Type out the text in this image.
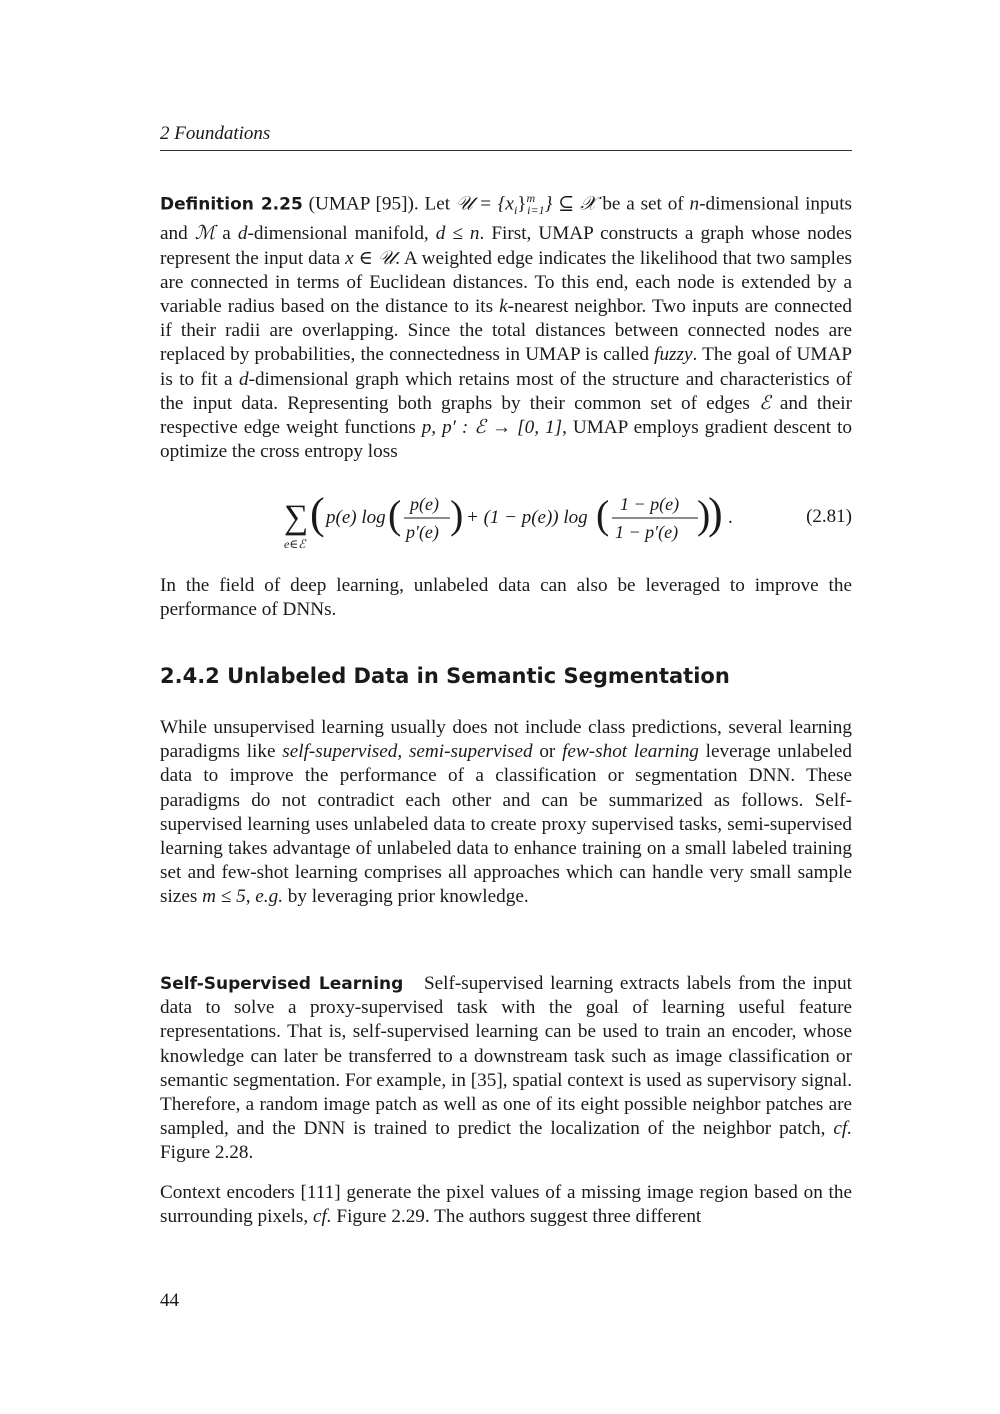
2 Foundations

Definition 2.25 (UMAP [95]). Let 𝒰 = $\{x_i\}^m_{i=1}$} ⊆ 𝒳 be a set of n-dimensional inputs and ℳ a d-dimensional manifold, d ≤ n. First, UMAP constructs a graph whose nodes represent the input data x ∈ 𝒰. A weighted edge indicates the likelihood that two samples are connected in terms of Euclidean distances. To this end, each node is extended by a variable radius based on the distance to its k-nearest neighbor. Two inputs are connected if their radii are overlapping. Since the total distances between connected nodes are replaced by probabilities, the connectedness in UMAP is called fuzzy. The goal of UMAP is to fit a d-dimensional graph which retains most of the structure and characteristics of the input data. Representing both graphs by their common set of edges ℰ and their respective edge weight functions p, p′ : ℰ → [0, 1], UMAP employs gradient descent to optimize the cross entropy loss

∑
e∈ℰ
( p(e) log ( p(e)
p′(e) ) + (1 − p(e)) log ( 1 − p(e)
1 − p′(e) )
) .	(2.81)

In the field of deep learning, unlabeled data can also be leveraged to improve the performance of DNNs.

2.4.2 Unlabeled Data in Semantic Segmentation

While unsupervised learning usually does not include class predictions, several learning paradigms like self-supervised, semi-supervised or few-shot learning leverage unlabeled data to improve the performance of a classification or segmentation DNN. These paradigms do not contradict each other and can be summarized as follows. Self-supervised learning uses unlabeled data to create proxy supervised tasks, semi-supervised learning takes advantage of unlabeled data to enhance training on a small labeled training set and few-shot learning comprises all approaches which can handle very small sample sizes m ≤ 5, e.g. by leveraging prior knowledge.

Self-Supervised Learning Self-supervised learning extracts labels from the input data to solve a proxy-supervised task with the goal of learning useful feature representations. That is, self-supervised learning can be used to train an encoder, whose knowledge can later be transferred to a downstream task such as image classification or semantic segmentation. For example, in [35], spatial context is used as supervisory signal. Therefore, a random image patch as well as one of its eight possible neighbor patches are sampled, and the DNN is trained to predict the localization of the neighbor patch, cf. Figure 2.28.

Context encoders [111] generate the pixel values of a missing image region based on the surrounding pixels, cf. Figure 2.29. The authors suggest three different

44
